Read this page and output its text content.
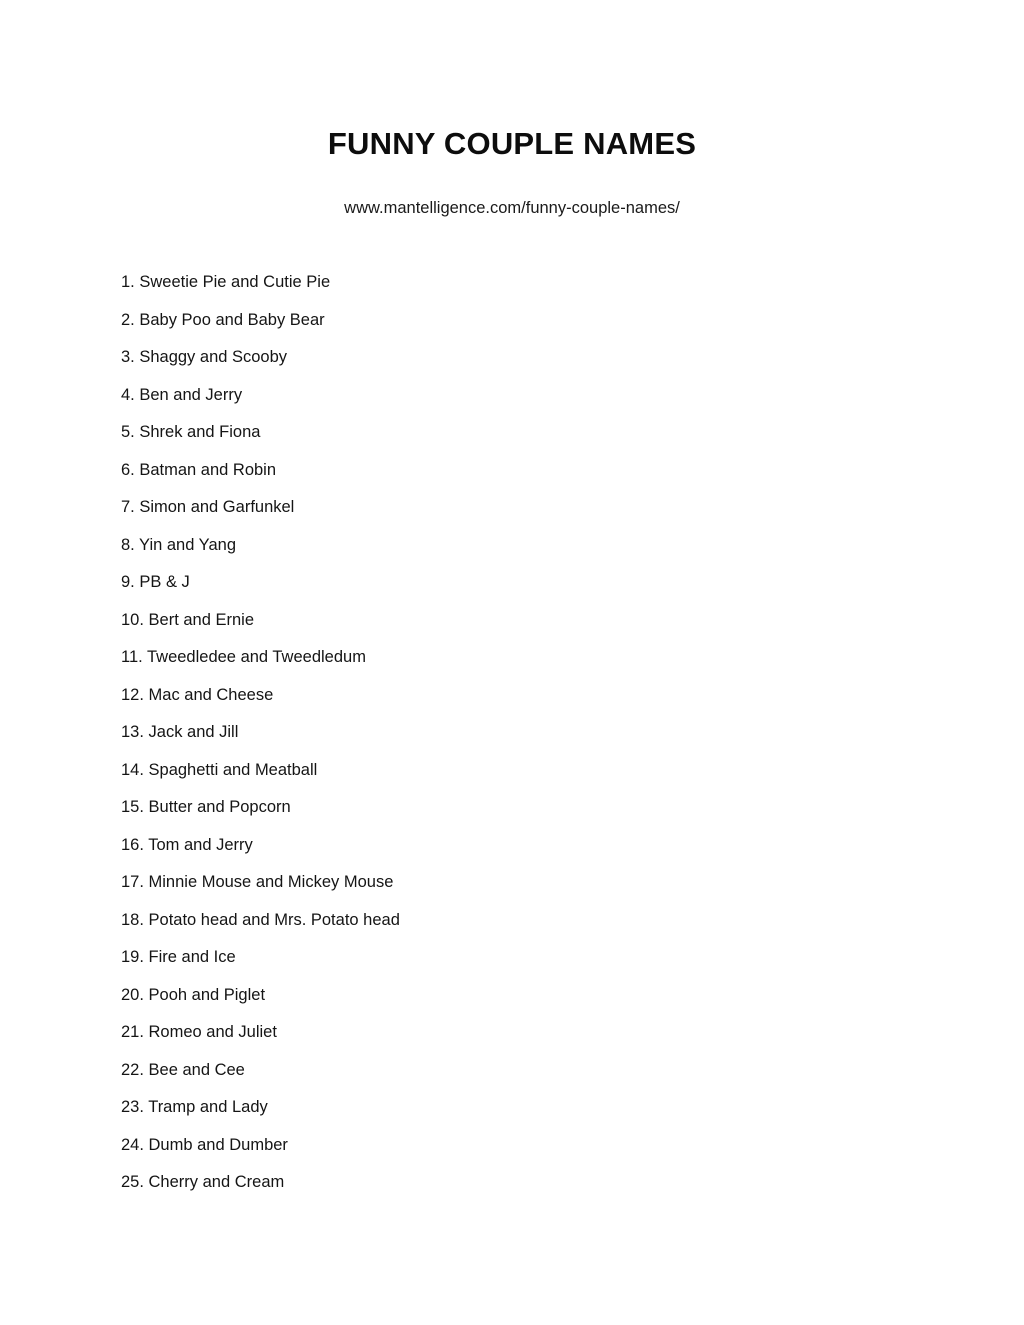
FUNNY COUPLE NAMES
www.mantelligence.com/funny-couple-names/
1. Sweetie Pie and Cutie Pie
2. Baby Poo and Baby Bear
3. Shaggy and Scooby
4. Ben and Jerry
5. Shrek and Fiona
6. Batman and Robin
7. Simon and Garfunkel
8. Yin and Yang
9. PB & J
10. Bert and Ernie
11. Tweedledee and Tweedledum
12. Mac and Cheese
13. Jack and Jill
14. Spaghetti and Meatball
15. Butter and Popcorn
16. Tom and Jerry
17. Minnie Mouse and Mickey Mouse
18. Potato head and Mrs. Potato head
19. Fire and Ice
20. Pooh and Piglet
21. Romeo and Juliet
22. Bee and Cee
23. Tramp and Lady
24. Dumb and Dumber
25. Cherry and Cream
